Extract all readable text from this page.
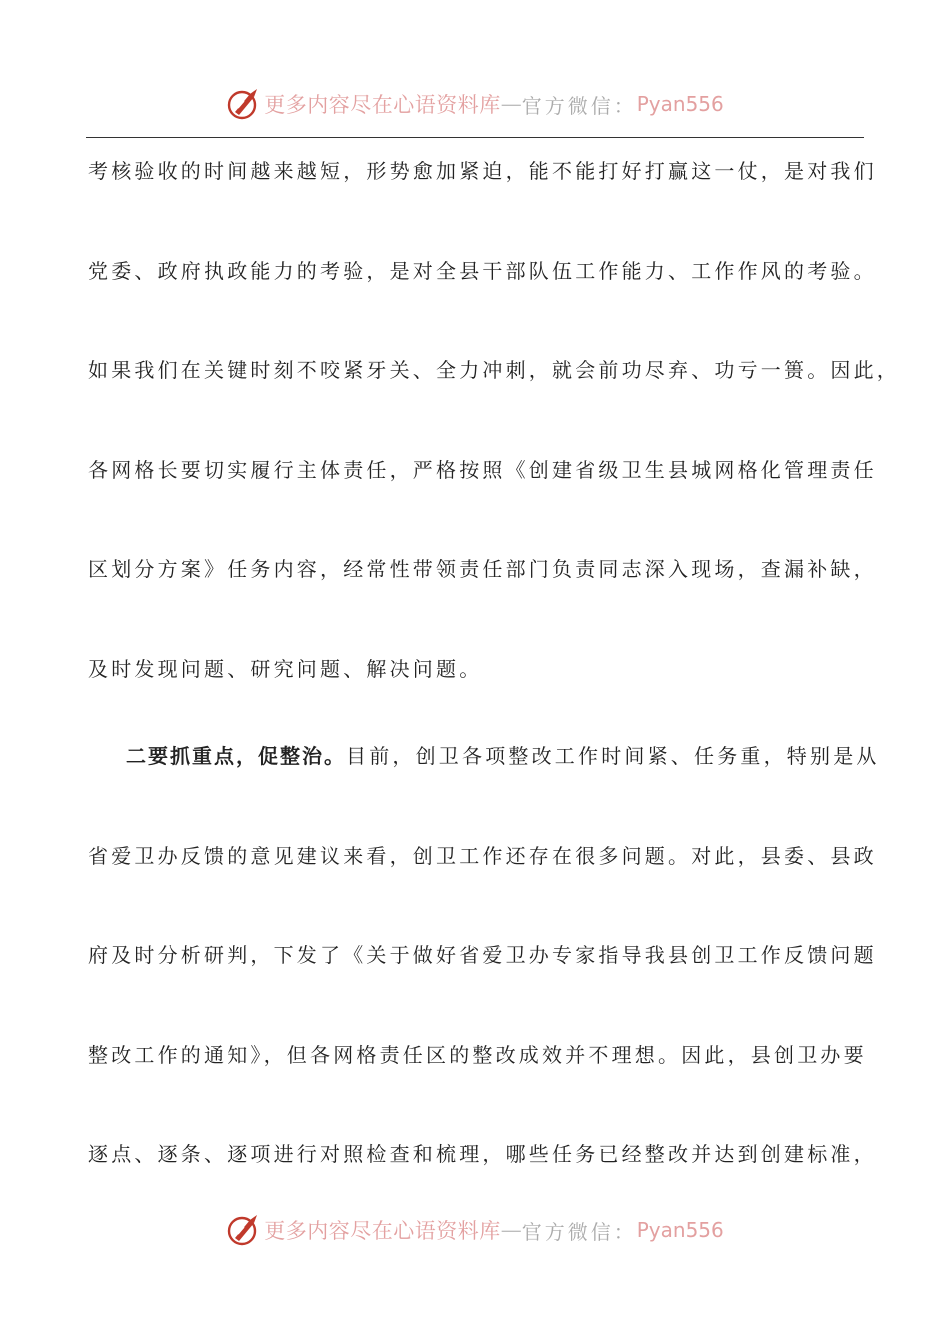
更多内容尽在心语资料库 — 官方微信： Pyan556
考核验收的时间越来越短，形势愈加紧迫，能不能打好打赢这一仗，是对我们
党委、政府执政能力的考验，是对全县干部队伍工作能力、工作作风的考验。
如果我们在关键时刻不咬紧牙关、全力冲刺，就会前功尽弃、功亏一篑。因此，
各网格长要切实履行主体责任，严格按照《创建省级卫生县城网格化管理责任
区划分方案》任务内容，经常性带领责任部门负责同志深入现场，查漏补缺，
及时发现问题、研究问题、解决问题。
二要抓重点，促整治。目前，创卫各项整改工作时间紧、任务重，特别是从
省爱卫办反馈的意见建议来看，创卫工作还存在很多问题。对此，县委、县政
府及时分析研判，下发了《关于做好省爱卫办专家指导我县创卫工作反馈问题
整改工作的通知》，但各网格责任区的整改成效并不理想。因此，县创卫办要
逐点、逐条、逐项进行对照检查和梳理，哪些任务已经整改并达到创建标准，
更多内容尽在心语资料库 — 官方微信： Pyan556
